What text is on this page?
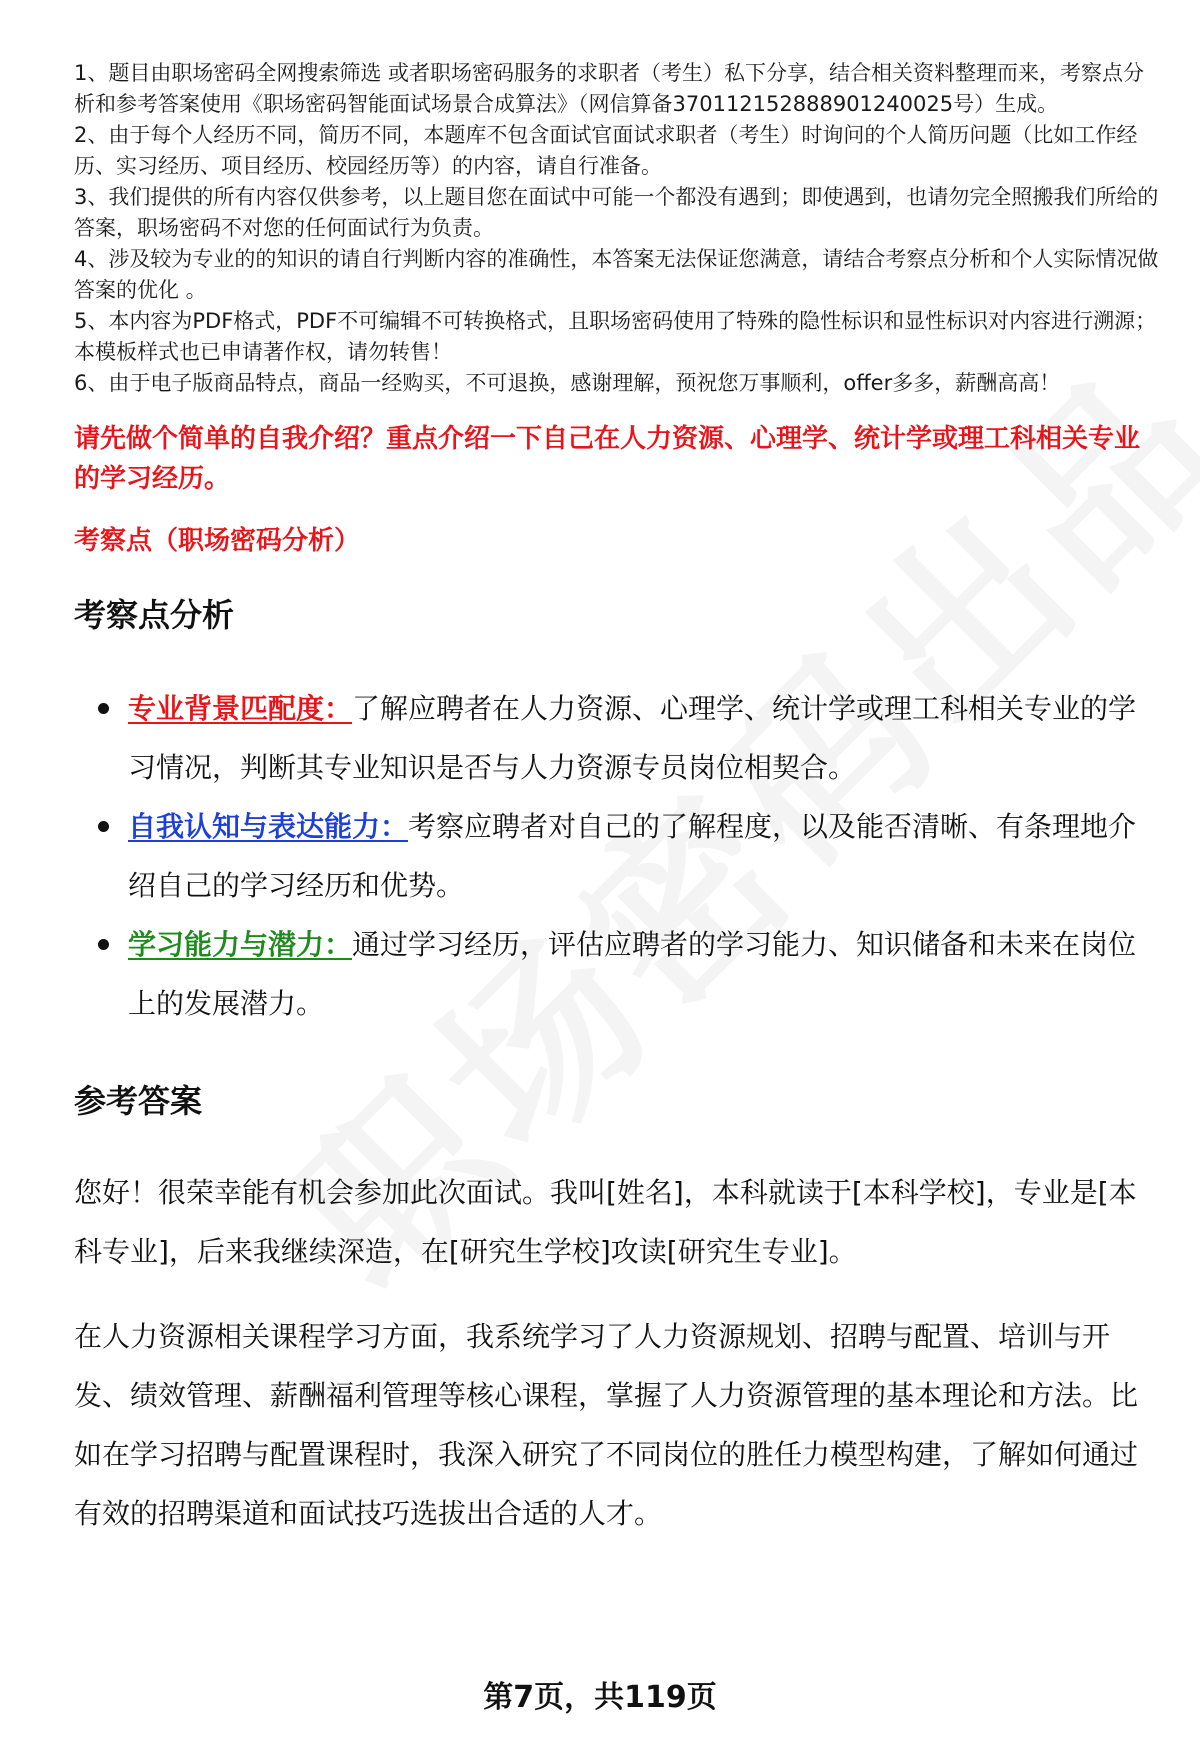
1、题目由职场密码全网搜索筛选 或者职场密码服务的求职者（考生）私下分享，结合相关资料整理而来，考察点分析和参考答案使用《职场密码智能面试场景合成算法》（网信算备370112152888901240025号）生成。
2、由于每个人经历不同，简历不同，本题库不包含面试官面试求职者（考生）时询问的个人简历问题（比如工作经历、实习经历、项目经历、校园经历等）的内容，请自行准备。
3、我们提供的所有内容仅供参考，以上题目您在面试中可能一个都没有遇到；即使遇到，也请勿完全照搬我们所给的答案，职场密码不对您的任何面试行为负责。
4、涉及较为专业的的知识的请自行判断内容的准确性，本答案无法保证您满意，请结合考察点分析和个人实际情况做答案的优化 。
5、本内容为PDF格式，PDF不可编辑不可转换格式，且职场密码使用了特殊的隐性标识和显性标识对内容进行溯源；本模板样式也已申请著作权，请勿转售！
6、由于电子版商品特点，商品一经购买，不可退换，感谢理解，预祝您万事顺利，offer多多，薪酬高高！
请先做个简单的自我介绍？重点介绍一下自己在人力资源、心理学、统计学或理工科相关专业的学习经历。
考察点（职场密码分析）
考察点分析
专业背景匹配度：了解应聘者在人力资源、心理学、统计学或理工科相关专业的学习情况，判断其专业知识是否与人力资源专员岗位相契合。
自我认知与表达能力：考察应聘者对自己的了解程度，以及能否清晰、有条理地介绍自己的学习经历和优势。
学习能力与潜力：通过学习经历，评估应聘者的学习能力、知识储备和未来在岗位上的发展潜力。
参考答案
您好！很荣幸能有机会参加此次面试。我叫[姓名]，本科就读于[本科学校]，专业是[本科专业]，后来我继续深造，在[研究生学校]攻读[研究生专业]。
在人力资源相关课程学习方面，我系统学习了人力资源规划、招聘与配置、培训与开发、绩效管理、薪酬福利管理等核心课程，掌握了人力资源管理的基本理论和方法。比如在学习招聘与配置课程时，我深入研究了不同岗位的胜任力模型构建，了解如何通过有效的招聘渠道和面试技巧选拔出合适的人才。
第7页，共119页
